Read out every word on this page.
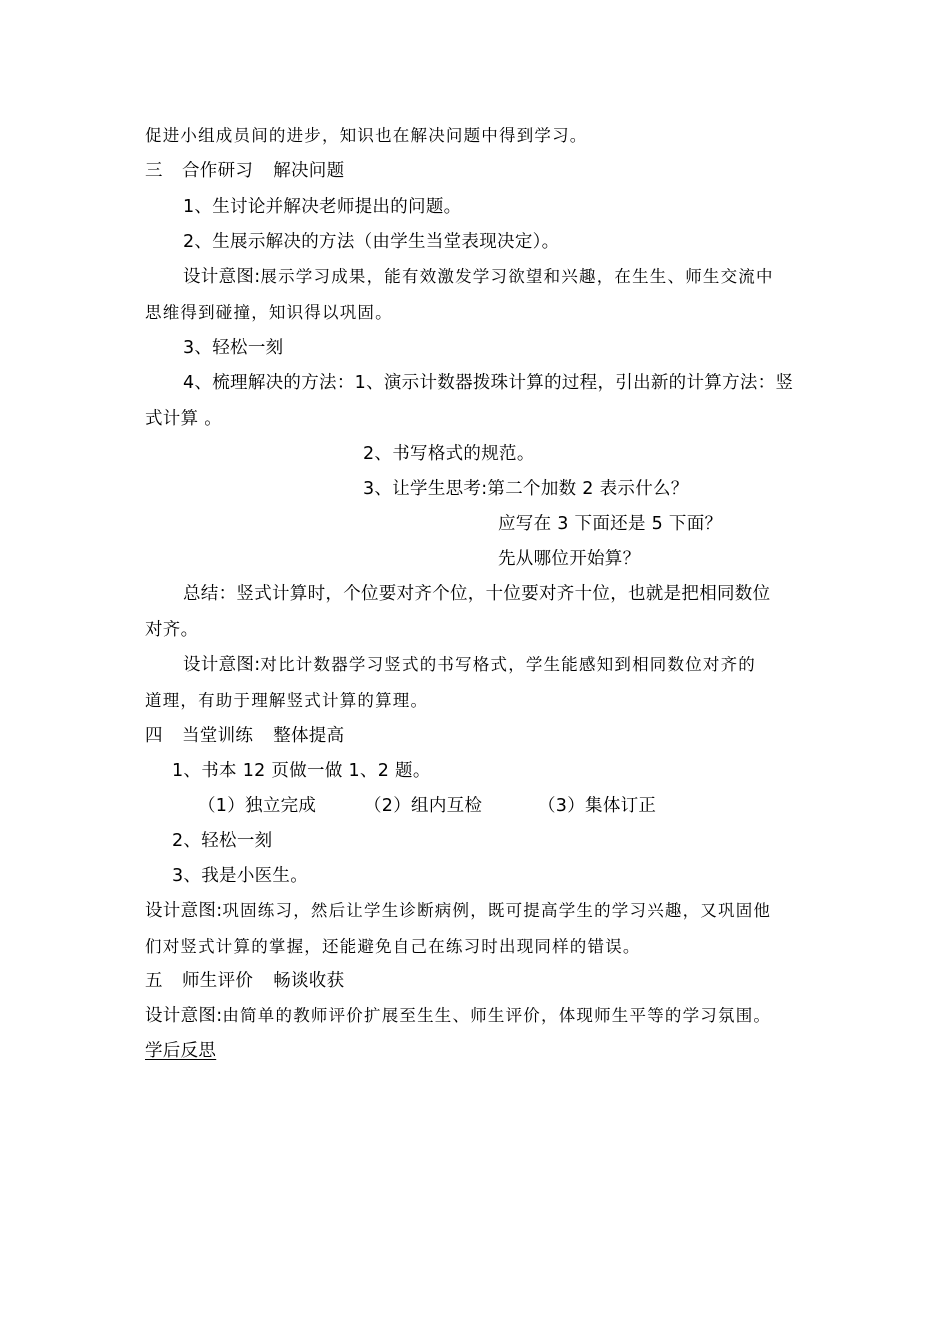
促进小组成员间的进步，知识也在解决问题中得到学习。
三 合作研习 解决问题
1、生讨论并解决老师提出的问题。
2、生展示解决的方法（由学生当堂表现决定）。
设计意图:展示学习成果，能有效激发学习欲望和兴趣，在生生、师生交流中
思维得到碰撞，知识得以巩固。
3、轻松一刻
4、梳理解决的方法：1、演示计数器拨珠计算的过程，引出新的计算方法：竖
式计算 。
2、书写格式的规范。
3、让学生思考:第二个加数 2 表示什么？
应写在 3 下面还是 5 下面？
先从哪位开始算？
总结：竖式计算时，个位要对齐个位，十位要对齐十位，也就是把相同数位
对齐。
设计意图:对比计数器学习竖式的书写格式，学生能感知到相同数位对齐的
道理，有助于理解竖式计算的算理。
四 当堂训练 整体提高
1、书本 12 页做一做 1、2 题。
（1）独立完成	（2）组内互检	（3）集体订正
2、轻松一刻
3、我是小医生。
设计意图:巩固练习，然后让学生诊断病例，既可提高学生的学习兴趣，又巩固他
们对竖式计算的掌握，还能避免自己在练习时出现同样的错误。
五 师生评价 畅谈收获
设计意图:由简单的教师评价扩展至生生、师生评价，体现师生平等的学习氛围。
学后反思
